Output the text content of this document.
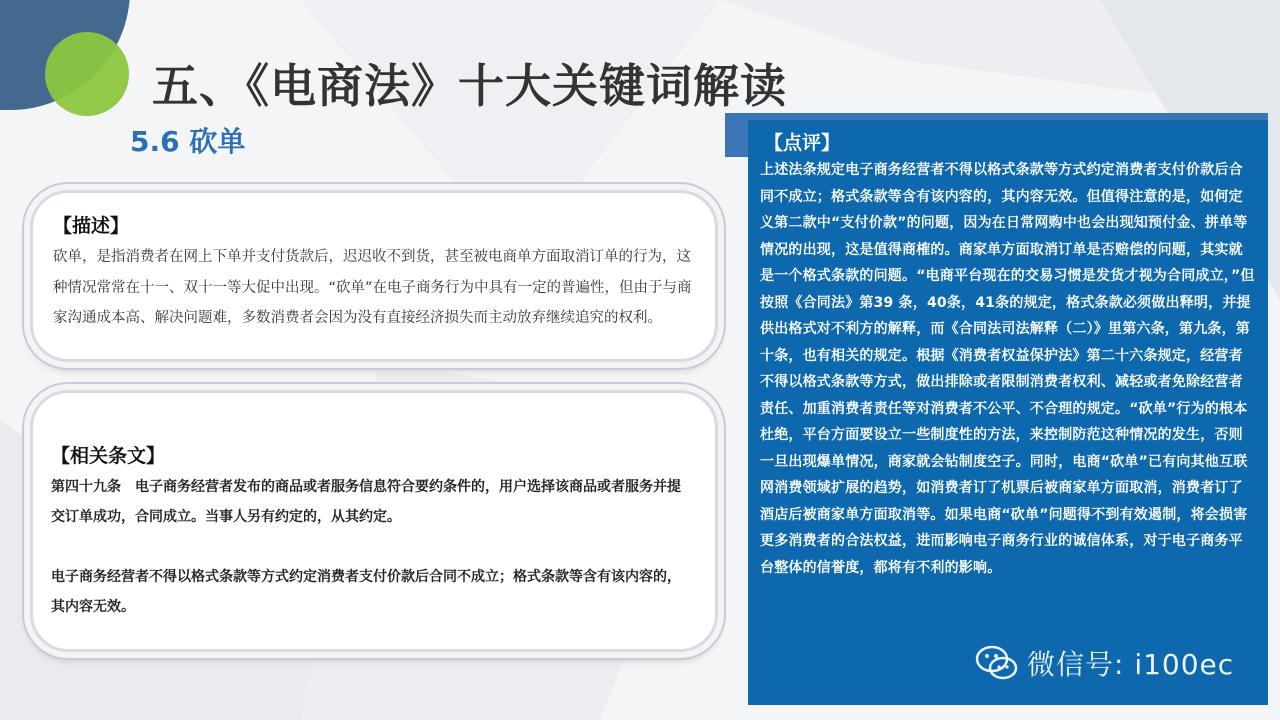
五、《电商法》十大关键词解读
5.6 砍单

【描述】

砍单，是指消费者在网上下单并支付货款后，迟迟收不到货，甚至被电商单方面取消订单的行为，这种情况常常在十一、双十一等大促中出现。“砍单”在电子商务行为中具有一定的普遍性，但由于与商家沟通成本高、解决问题难，多数消费者会因为没有直接经济损失而主动放弃继续追究的权利。

【相关条文】

第四十九条　电子商务经营者发布的商品或者服务信息符合要约条件的，用户选择该商品或者服务并提交订单成功，合同成立。当事人另有约定的，从其约定。

电子商务经营者不得以格式条款等方式约定消费者支付价款后合同不成立；格式条款等含有该内容的，其内容无效。

【点评】

上述法条规定电子商务经营者不得以格式条款等方式约定消费者支付价款后合同不成立；格式条款等含有该内容的，其内容无效。但值得注意的是，如何定义第二款中“支付价款”的问题，因为在日常网购中也会出现知预付金、拼单等情况的出现，这是值得商榷的。商家单方面取消订单是否赔偿的问题，其实就是一个格式条款的问题。“电商平台现在的交易习惯是发货才视为合同成立，”但按照《合同法》第39 条，40条，41条的规定，格式条款必须做出释明，并提供出格式对不利方的解释，而《合同法司法解释（二）》里第六条，第九条，第十条，也有相关的规定。根据《消费者权益保护法》第二十六条规定，经营者不得以格式条款等方式，做出排除或者限制消费者权利、减轻或者免除经营者责任、加重消费者责任等对消费者不公平、不合理的规定。“砍单”行为的根本杜绝，平台方面要设立一些制度性的方法，来控制防范这种情况的发生，否则一旦出现爆单情况，商家就会钻制度空子。同时，电商“砍单”已有向其他互联网消费领域扩展的趋势，如消费者订了机票后被商家单方面取消，消费者订了酒店后被商家单方面取消等。如果电商“砍单”问题得不到有效遏制，将会损害更多消费者的合法权益，进而影响电子商务行业的诚信体系，对于电子商务平台整体的信誉度，都将有不利的影响。

微信号: i100ec
